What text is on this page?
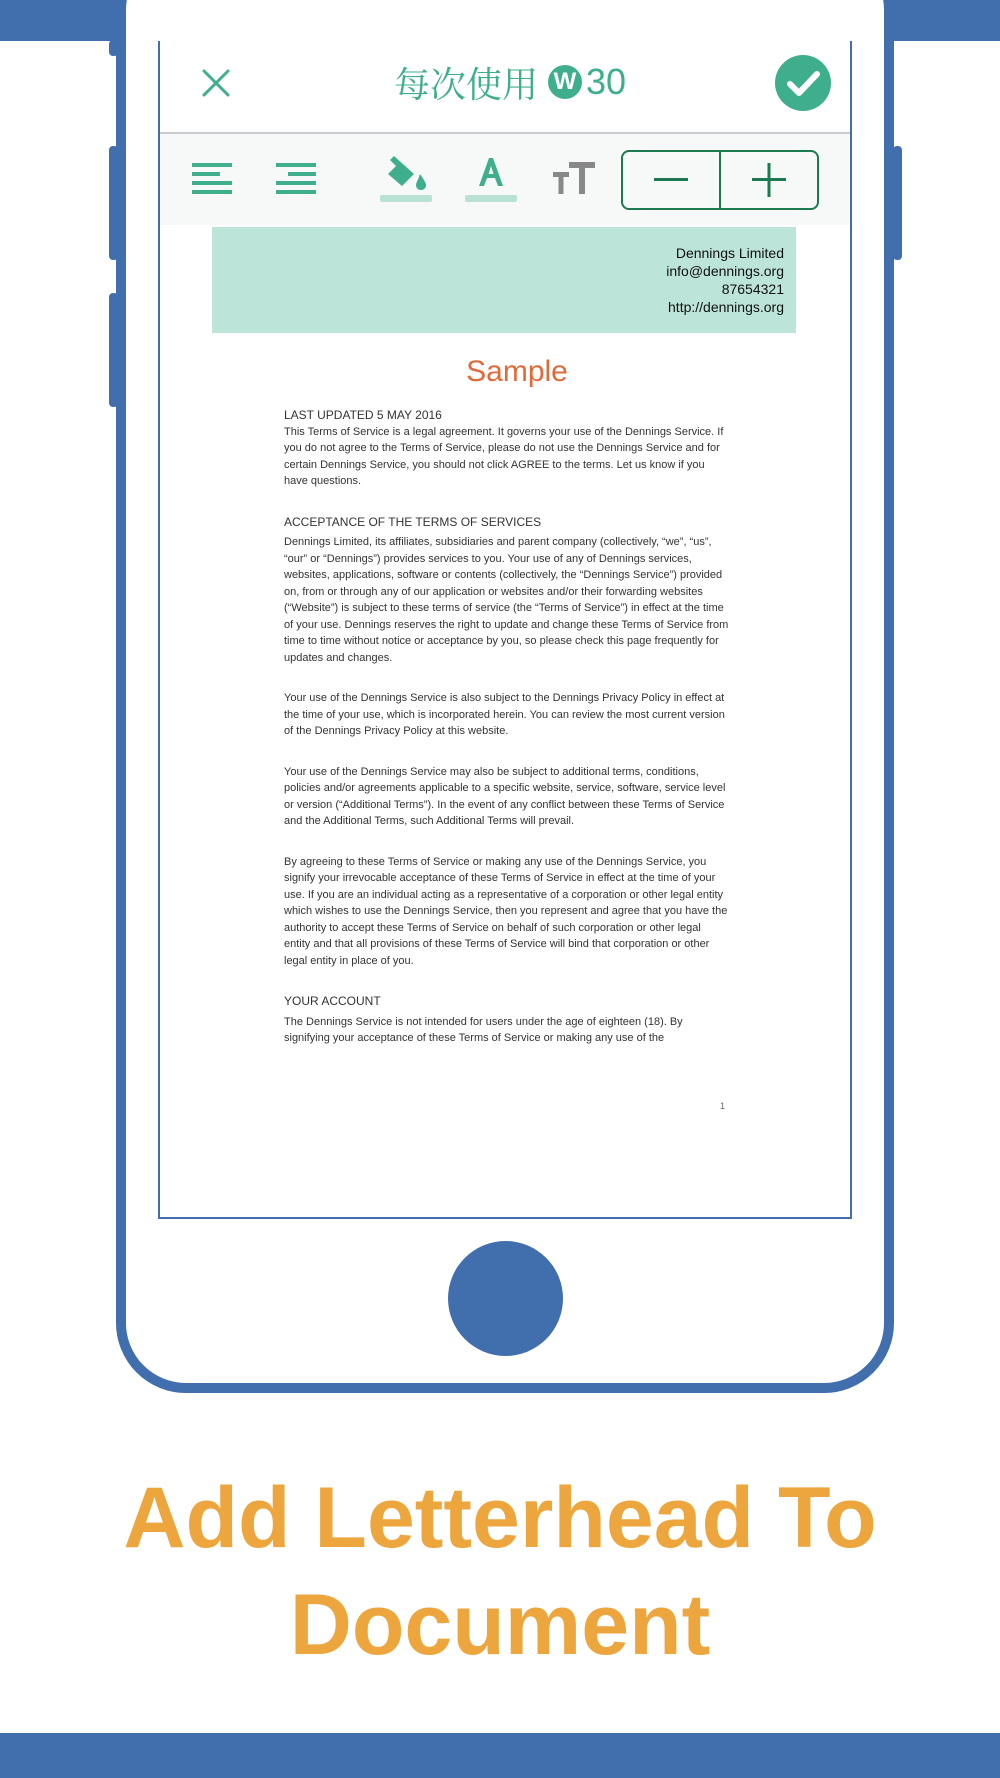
每次使用 W 30
Dennings Limited
info@dennings.org
87654321
http://dennings.org
Sample

LAST UPDATED 5 MAY 2016

This Terms of Service is a legal agreement. It governs your use of the Dennings Service. If you do not agree to the Terms of Service, please do not use the Dennings Service and for certain Dennings Service, you should not click AGREE to the terms. Let us know if you have questions.

ACCEPTANCE OF THE TERMS OF SERVICES

Dennings Limited, its affiliates, subsidiaries and parent company (collectively, “we”, “us”, “our” or “Dennings”) provides services to you. Your use of any of Dennings services, websites, applications, software or contents (collectively, the “Dennings Service”) provided on, from or through any of our application or websites and/or their forwarding websites (“Website”) is subject to these terms of service (the “Terms of Service”) in effect at the time of your use. Dennings reserves the right to update and change these Terms of Service from time to time without notice or acceptance by you, so please check this page frequently for updates and changes.

Your use of the Dennings Service is also subject to the Dennings Privacy Policy in effect at the time of your use, which is incorporated herein. You can review the most current version of the Dennings Privacy Policy at this website.

Your use of the Dennings Service may also be subject to additional terms, conditions, policies and/or agreements applicable to a specific website, service, software, service level or version (“Additional Terms”). In the event of any conflict between these Terms of Service and the Additional Terms, such Additional Terms will prevail.

By agreeing to these Terms of Service or making any use of the Dennings Service, you signify your irrevocable acceptance of these Terms of Service in effect at the time of your use. If you are an individual acting as a representative of a corporation or other legal entity which wishes to use the Dennings Service, then you represent and agree that you have the authority to accept these Terms of Service on behalf of such corporation or other legal entity and that all provisions of these Terms of Service will bind that corporation or other legal entity in place of you.

YOUR ACCOUNT

The Dennings Service is not intended for users under the age of eighteen (18). By signifying your acceptance of these Terms of Service or making any use of the

1
Add Letterhead To
Document
